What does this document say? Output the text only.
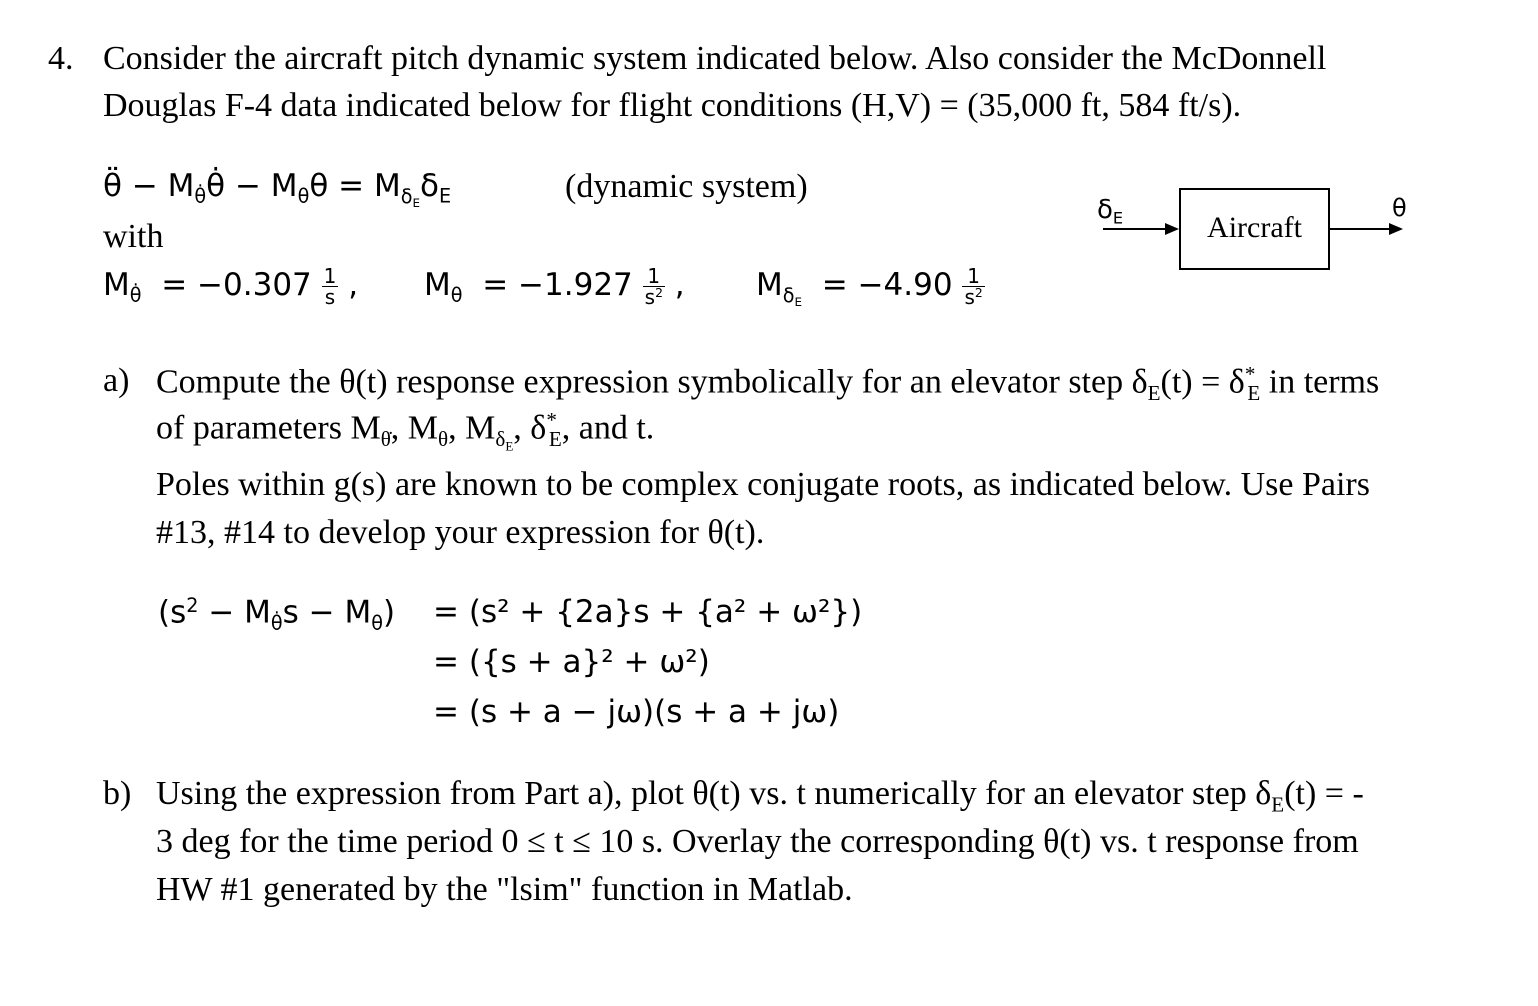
4. Consider the aircraft pitch dynamic system indicated below. Also consider the McDonnell
Douglas F-4 data indicated below for flight conditions (H,V) = (35,000 ft, 584 ft/s).
θ̈ − $M_{\thetȧ}\thetȧ - M_\theta\theta = M_{\delta_E}\delta_E$	(dynamic system)
with
$M_{\thetȧ} = -0.307 \frac{1}{s}$ , $M_\theta = -1.927 \frac{1}{s^2}$ , $M_{\delta_E} = -4.90 \frac{1}{s^2}$
$\delta_E$	Aircraft
θ
a) Compute the θ(t) response expression symbolically for an elevator step $\delta_E(t) = \delta^*_E$ in terms
of parameters $M_{\thetȧ}$, $M_\theta$, $M_{\delta_E}$, $\delta^*_E$, and t.
Poles within g(s) are known to be complex conjugate roots, as indicated below. Use Pairs
#13, #14 to develop your expression for θ(t).
$(s^2 - M_{\thetȧ}s - M_\theta) = (s^2 + \{2a\}s + \{a^2 + \omega^2\})$
= ({s + a}² + ω²)
= (s + a − jω)(s + a + jω)
b) Using the expression from Part a), plot θ(t) vs. t numerically for an elevator step $\delta_E(t)$ = -
3 deg for the time period 0 ≤ t ≤ 10 s. Overlay the corresponding θ(t) vs. t response from
HW #1 generated by the "lsim" function in Matlab.
